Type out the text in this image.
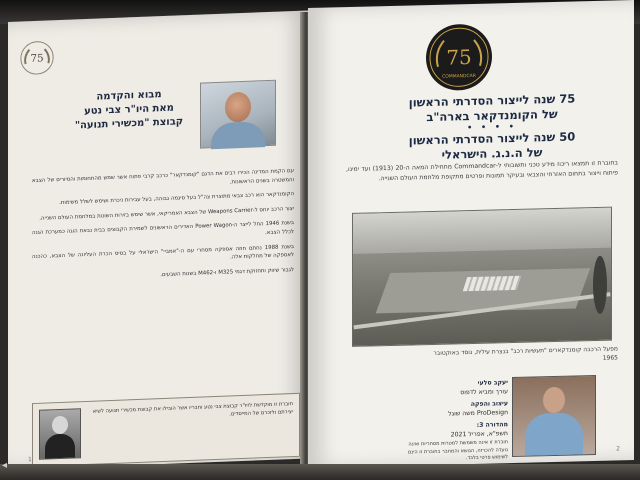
75
מבוא והקדמה
מאת היו"ר צבי נטע
קבוצת "מכשירי תנועה"

עם הקמת המדינה הכירו רבים את הדגם "קומנדקאר" כרכב קרבי פתוח אשר שמש מהתחומות והסיורים של הצבא והמשטרה בשנים הראשונות.

הקומנדקאר הוא רכב צבאי מתוצרת צה"ל בעל סיגמה גבוהה, בעל עבירות ניכרת ושימש לשלל משימות.

יצור הרכב יוחס ל-Weapons Carrier של הצבא האמריקאי, אשר שימש בזירות השונות במלחמת העולם השנייה.

בשנת 1946 החל לייצר ה-Power Wagon האדירים הראשונים לשמירת הקבוצים בבית נבאת הוגה כמערכת הגנה לכלל הצבא.

בשנת 1988 נחתם חוזה אספקה מסחרי עם ה-"אמביי" הישראלי על בסיס הכרת העליונה של הצבא, כהכנה לאספקה של מחלקות אלה.

לגבור שיווק ותחזוקת דגמי M325 ו-M462 בשנות השבעים.

חוברת זו מוקדשת לזיו"ר קבוצת צבי נטע וחבריו אשר הובילו את קבוצת מכשירי תנועה לשיא יצירתם ולזכרם של המייסדים.
1
75
COMMANDCAR
75 שנה לייצור הסדרתי הראשון
של הקומנדקאר בארה"ב
• • • •
50 שנה לייצור הסדרתי הראשון
של ה.נ.ג. הישראלי
בחוברת זו תמצאו ריכוז מידע טכני ותשובותי ל-Commandcar מתחילת המאה ה-20 (1913) ועד ימינו, פיתוח וייצור בתחום האזרחי והצבאי ובעיקר תמונות ופרטים מתקופת מלחמת העולם השנייה.
מפעל הרכבה קומנדקארים "תעשיות רכב" בנצרת עילית, נוסד באוקטובר 1965
יעקב סלעי
עורך ומביא לדפוס
עיצוב והפקה
ProDesign משה שוגל
מהדורה 3:
תשפ"א, אפריל 2021
חוברת זו אינה משמשת למטרות מסחריות ואינה נועדה להכרזה, הנושא והמחבר בחוברת זו הינם לשימוש פרטי בלבד.
2
◂
